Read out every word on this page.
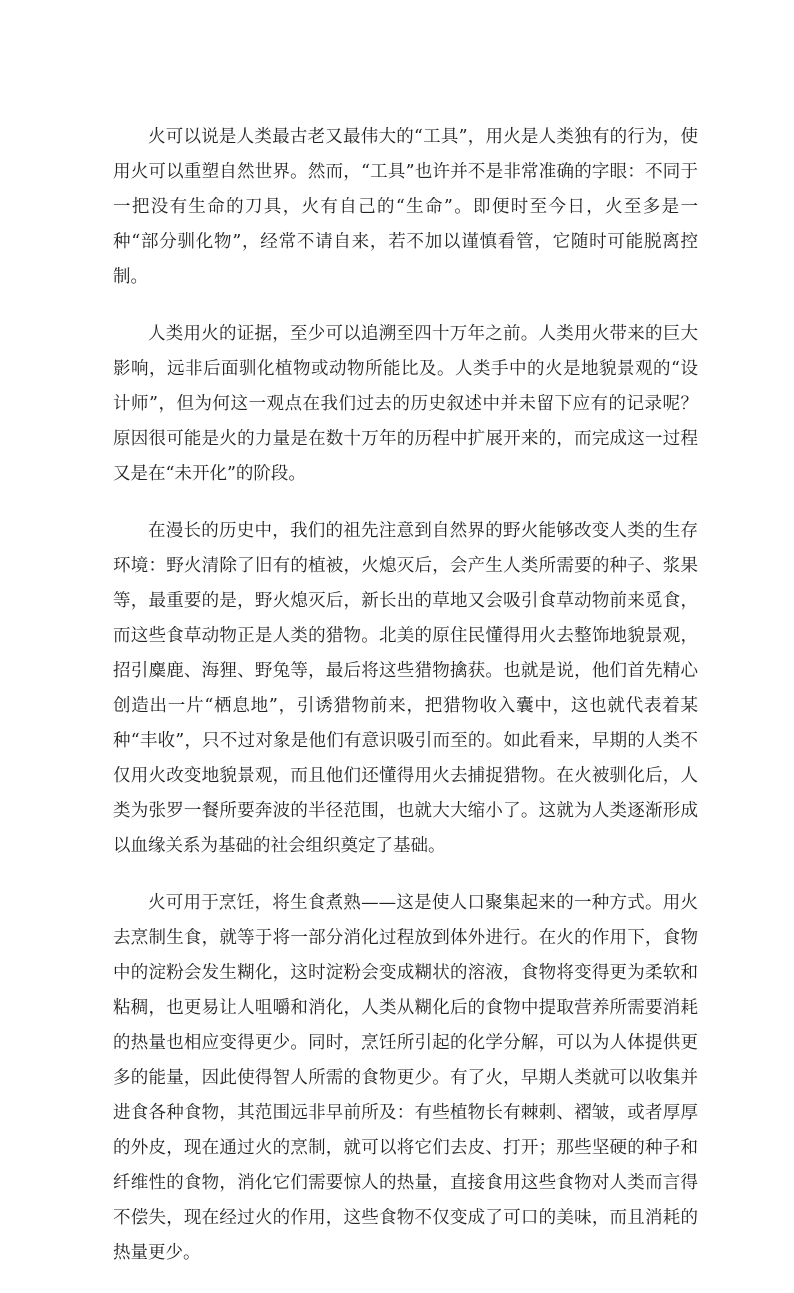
火可以说是人类最古老又最伟大的“工具”，用火是人类独有的行为，使用火可以重塑自然世界。然而，“工具”也许并不是非常准确的字眼：不同于一把没有生命的刀具，火有自己的“生命”。即便时至今日，火至多是一种“部分驯化物”，经常不请自来，若不加以谨慎看管，它随时可能脱离控制。

人类用火的证据，至少可以追溯至四十万年之前。人类用火带来的巨大影响，远非后面驯化植物或动物所能比及。人类手中的火是地貌景观的“设计师”，但为何这一观点在我们过去的历史叙述中并未留下应有的记录呢？原因很可能是火的力量是在数十万年的历程中扩展开来的，而完成这一过程又是在“未开化”的阶段。

在漫长的历史中，我们的祖先注意到自然界的野火能够改变人类的生存环境：野火清除了旧有的植被，火熄灭后，会产生人类所需要的种子、浆果等，最重要的是，野火熄灭后，新长出的草地又会吸引食草动物前来觅食，而这些食草动物正是人类的猎物。北美的原住民懂得用火去整饰地貌景观，招引麋鹿、海狸、野兔等，最后将这些猎物擒获。也就是说，他们首先精心创造出一片“栖息地”，引诱猎物前来，把猎物收入囊中，这也就代表着某种“丰收”，只不过对象是他们有意识吸引而至的。如此看来，早期的人类不仅用火改变地貌景观，而且他们还懂得用火去捕捉猎物。在火被驯化后，人类为张罗一餐所要奔波的半径范围，也就大大缩小了。这就为人类逐渐形成以血缘关系为基础的社会组织奠定了基础。

火可用于烹饪，将生食煮熟——这是使人口聚集起来的一种方式。用火去烹制生食，就等于将一部分消化过程放到体外进行。在火的作用下，食物中的淀粉会发生糊化，这时淀粉会变成糊状的溶液，食物将变得更为柔软和粘稠，也更易让人咀嚼和消化，人类从糊化后的食物中提取营养所需要消耗的热量也相应变得更少。同时，烹饪所引起的化学分解，可以为人体提供更多的能量，因此使得智人所需的食物更少。有了火，早期人类就可以收集并进食各种食物，其范围远非早前所及：有些植物长有棘刺、褶皱，或者厚厚的外皮，现在通过火的烹制，就可以将它们去皮、打开；那些坚硬的种子和纤维性的食物，消化它们需要惊人的热量，直接食用这些食物对人类而言得不偿失，现在经过火的作用，这些食物不仅变成了可口的美味，而且消耗的热量更少。
